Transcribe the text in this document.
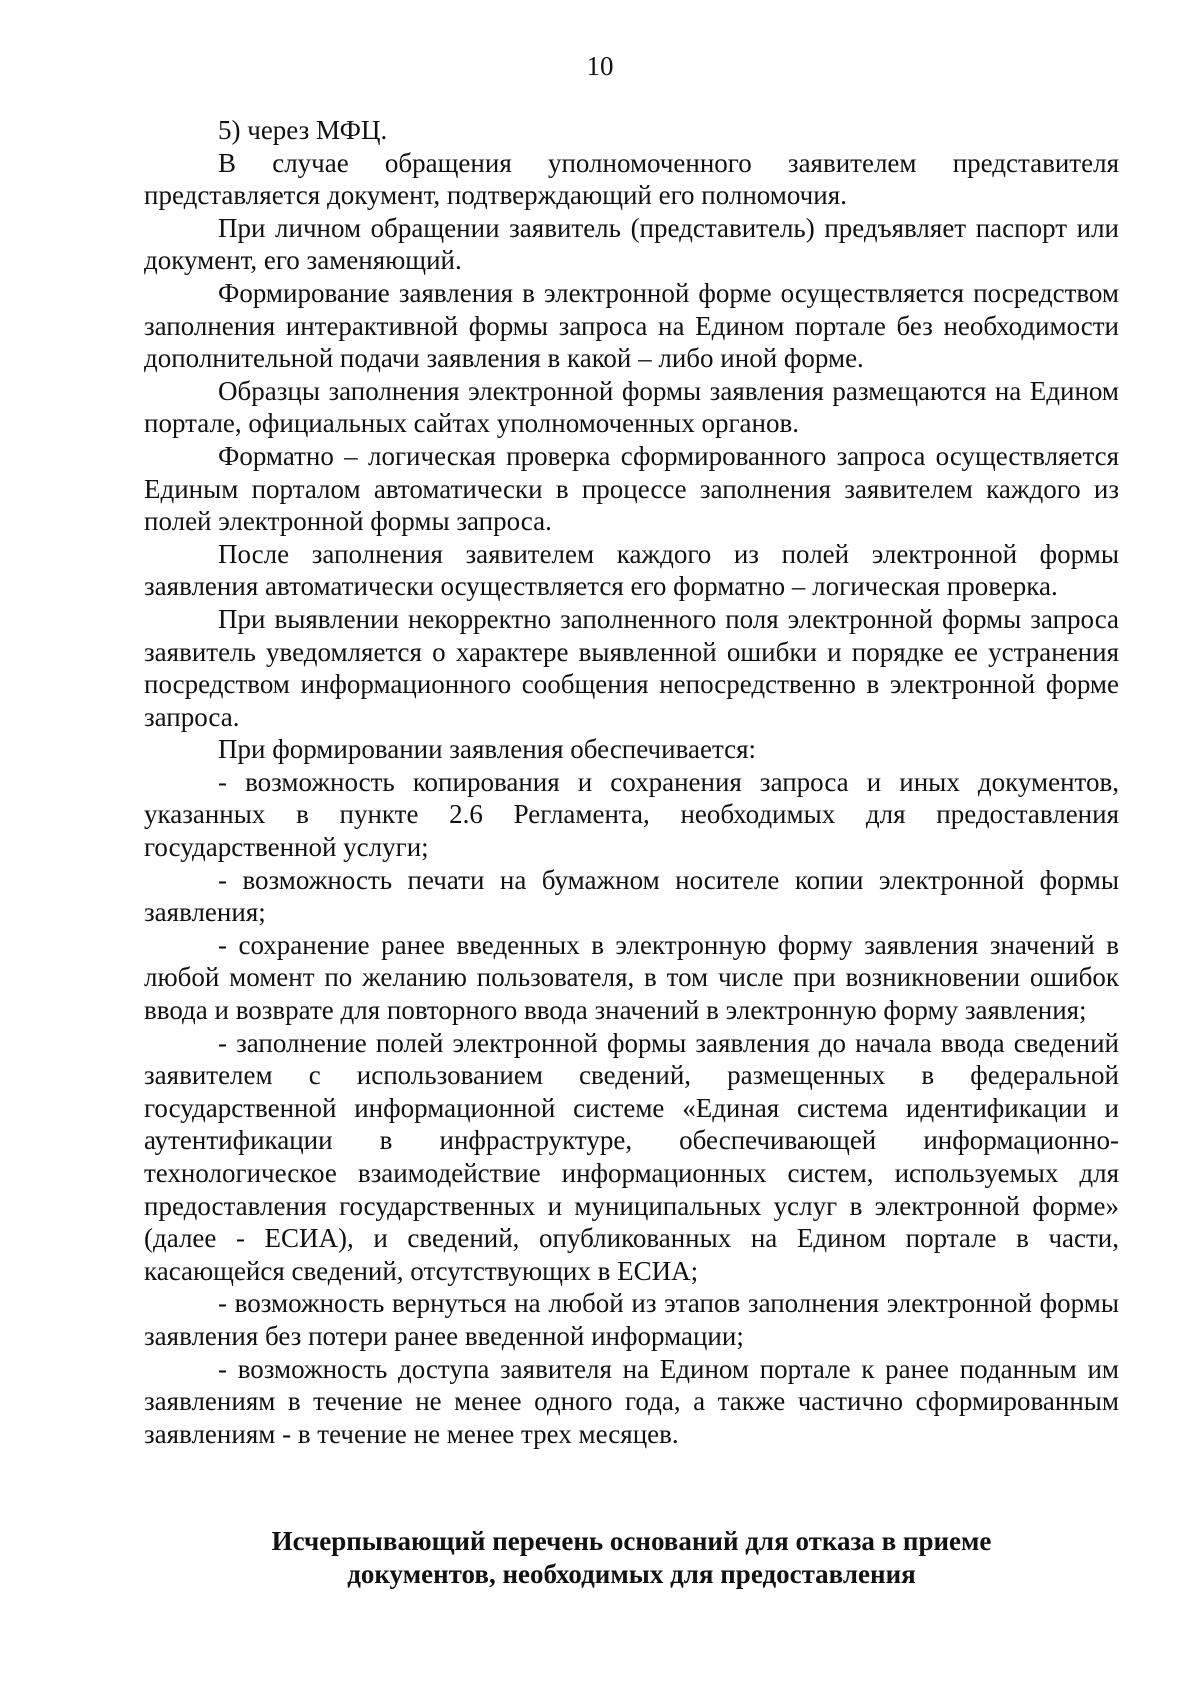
10

5) через МФЦ.

В случае обращения уполномоченного заявителем представителя представляется документ, подтверждающий его полномочия.

При личном обращении заявитель (представитель) предъявляет паспорт или документ, его заменяющий.

Формирование заявления в электронной форме осуществляется посредством заполнения интерактивной формы запроса на Едином портале без необходимости дополнительной подачи заявления в какой – либо иной форме.

Образцы заполнения электронной формы заявления размещаются на Едином портале, официальных сайтах уполномоченных органов.

Форматно – логическая проверка сформированного запроса осуществляется Единым порталом автоматически в процессе заполнения заявителем каждого из полей электронной формы запроса.

После заполнения заявителем каждого из полей электронной формы заявления автоматически осуществляется его форматно – логическая проверка.

При выявлении некорректно заполненного поля электронной формы запроса заявитель уведомляется о характере выявленной ошибки и порядке ее устранения посредством информационного сообщения непосредственно в электронной форме запроса.

При формировании заявления обеспечивается:

- возможность копирования и сохранения запроса и иных документов, указанных в пункте 2.6 Регламента, необходимых для предоставления государственной услуги;

- возможность печати на бумажном носителе копии электронной формы заявления;

- сохранение ранее введенных в электронную форму заявления значений в любой момент по желанию пользователя, в том числе при возникновении ошибок ввода и возврате для повторного ввода значений в электронную форму заявления;

- заполнение полей электронной формы заявления до начала ввода сведений заявителем с использованием сведений, размещенных в федеральной государственной информационной системе «Единая система идентификации и аутентификации в инфраструктуре, обеспечивающей информационно-технологическое взаимодействие информационных систем, используемых для предоставления государственных и муниципальных услуг в электронной форме» (далее - ЕСИА), и сведений, опубликованных на Едином портале в части, касающейся сведений, отсутствующих в ЕСИА;

- возможность вернуться на любой из этапов заполнения электронной формы заявления без потери ранее введенной информации;

- возможность доступа заявителя на Едином портале к ранее поданным им заявлениям в течение не менее одного года, а также частично сформированным заявлениям - в течение не менее трех месяцев.

Исчерпывающий перечень оснований для отказа в приеме
документов, необходимых для предоставления
